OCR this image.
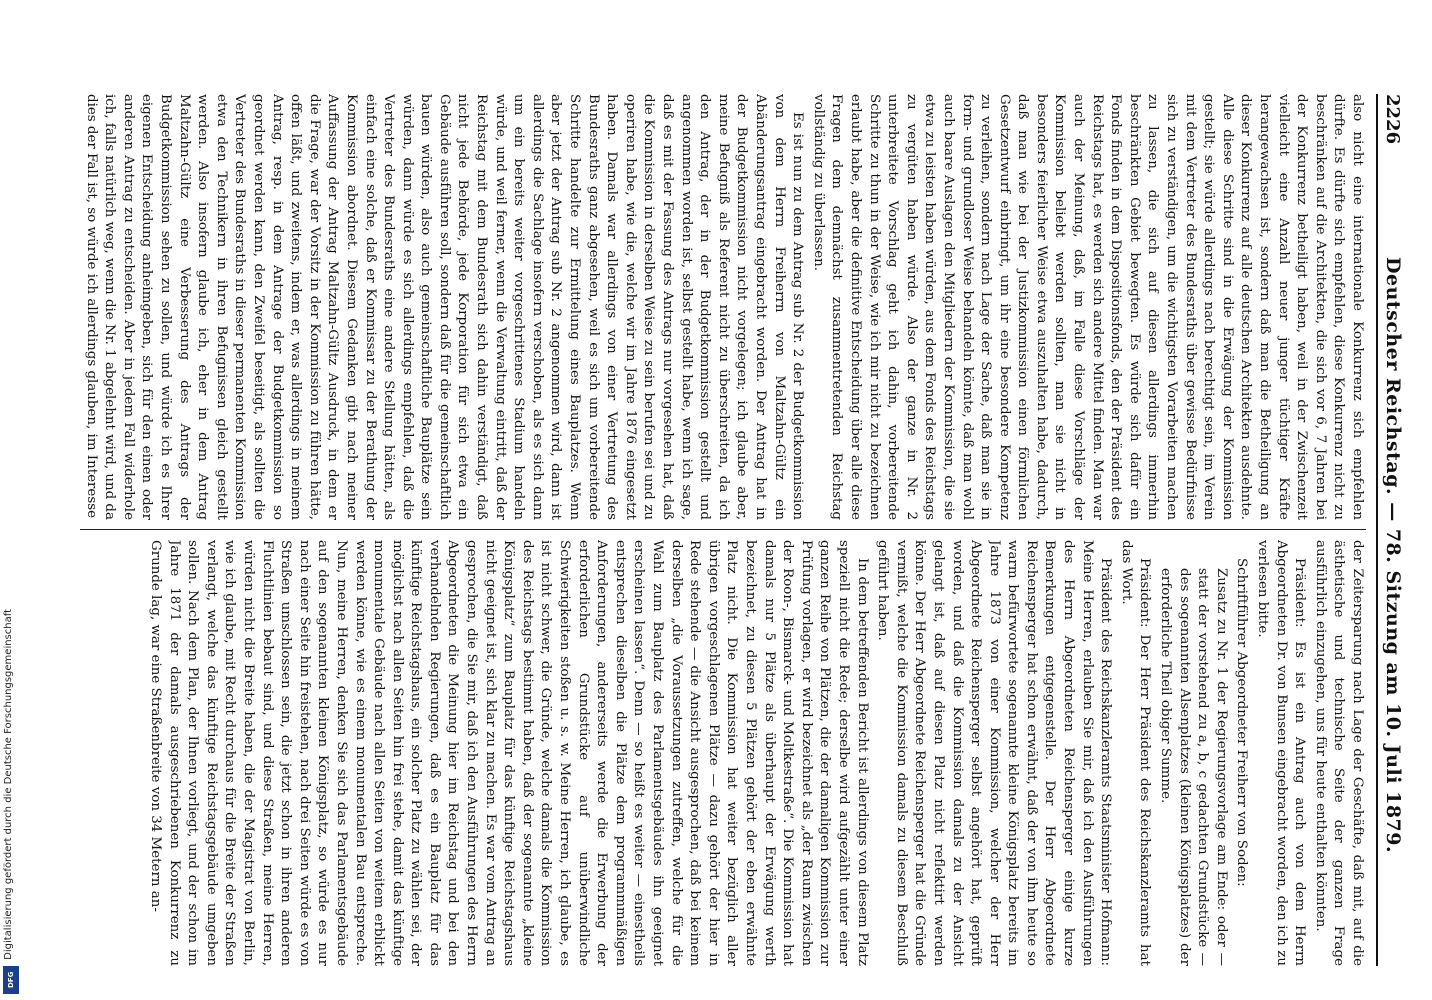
Digitalisierung gefördert durch die Deutsche Forschungsgemeinschaft
DFG
2226
Deutscher Reichstag. — 78. Sitzung am 10. Juli 1879.

also nicht eine internationale Konkurrenz sich empfehlen dürfte. Es dürfte sich empfehlen, diese Konkurrenz nicht zu beschränken auf die Architekten, die sich vor 6, 7 Jahren bei der Konkurrenz betheiligt haben, weil in der Zwischenzeit vielleicht eine Anzahl neuer junger tüchtiger Kräfte herangewachsen ist, sondern daß man die Betheiligung an dieser Konkurrenz auf alle deutschen Architekten ausdehnte. Alle diese Schritte sind in die Erwägung der Kommission gestellt; sie würde allerdings nach berechtigt sein, im Verein mit dem Vertreter des Bundesraths über gewisse Bedürfnisse sich zu verständigen, um die wichtigsten Vorarbeiten machen zu lassen, die sich auf diesen allerdings immerhin beschränkten Gebiet bewegten. Es würde sich dafür ein Fonds finden in dem Dispositionsfonds, den der Präsident des Reichstags hat, es werden sich andere Mittel finden. Man war auch der Meinung, daß, im Falle diese Vorschläge der Kommission beliebt werden sollten, man sie nicht in besonders feierlicher Weise etwa auszuhalten habe, dadurch, daß man wie bei der Justizkommission einen förmlichen Gesetzentwurf einbringt, um ihr eine besondere Kompetenz zu verleihen, sondern nach Lage der Sache, daß man sie in form- und grundloser Weise behandeln könnte, daß man wohl auch baare Auslagen den Mitgliedern der Kommission, die sie etwa zu leisten haben würden, aus dem Fonds des Reichstags zu vergüten haben würde. Also der ganze in Nr. 2 unterbreitete Vorschlag geht ich dahin, vorbereitende Schritte zu thun in der Weise, wie ich mir nicht zu bezeichnen erlaubt habe, aber die definitive Entscheidung über alle diese Fragen dem demnächst zusammentretenden Reichstag vollständig zu überlassen.

Es ist nun zu dem Antrag sub Nr. 2 der Budgetkommission von dem Herrn Freiherrn von Maltzahn-Gültz ein Abänderungsantrag eingebracht worden. Der Antrag hat in der Budgetkommission nicht vorgelegen; ich glaube aber, meine Befugniß als Referent nicht zu überschreiten, da ich den Antrag, der in der Budgetkommission gestellt und angenommen worden ist, selbst gestellt habe, wenn ich sage, daß es mit der Fassung des Antrags nur vorgesehen hat, daß die Kommission in derselben Weise zu sein berufen sei und zu operiren habe, wie die, welche wir im Jahre 1876 eingesetzt haben. Damals war allerdings von einer Vertretung des Bundesraths ganz abgesehen, weil es sich um vorbereitende Schritte handelte zur Ermittelung eines Bauplatzes. Wenn aber jetzt der Antrag sub Nr. 2 angenommen wird, dann ist allerdings die Sachlage insofern verschoben, als es sich dann um ein bereits weiter vorgeschrittenes Stadium handeln würde, und weil ferner, wenn die Verwaltung eintritt, daß der Reichstag mit dem Bundesrath sich dahin verständigt, daß nicht jede Behörde, jede Korporation für sich etwa ein Gebäude ausführen soll, sondern daß für die gemeinschaftlich bauen würden, also auch gemeinschaftliche Bauplätze sein würden, dann würde es sich allerdings empfehlen, daß die Vertreter des Bundesraths eine andere Stellung hätten, als einfach eine solche, daß er Kommissar zu der Berathung der Kommission abordnet. Diesem Gedanken gibt nach meiner Auffassung der Antrag Maltzahn-Gültz Ausdruck, in dem er die Frage, war der Vorsitz in der Kommission zu führen hätte, offen läßt, und zweitens, indem er, was allerdings in meinem Antrag, resp. in dem Antrage der Budgetkommission so geordnet werden kann, den Zweifel beseitigt, als sollten die Vertreter des Bundesraths in dieser permanenten Kommission etwa den Technikern in ihren Befugnissen gleich gestellt werden. Also insofern glaube ich, eher in dem Antrag Maltzahn-Gültz eine Verbesserung des Antrags der Budgetkommission sehen zu sollen, und würde ich es Ihrer eigenen Entscheidung anheimgeben, sich für den einen oder anderen Antrag zu entscheiden. Aber in jedem Fall widerhole ich, falls natürlich weg, wenn die Nr. 1 abgelehnt wird, und da dies der Fall ist, so würde ich allerdings glauben, im Interesse

der Zeitersparung nach Lage der Geschäfte, daß mit, auf die ästhetische und technische Seite der ganzen Frage ausführlich einzugehen, uns für heute enthalten könnten.

Präsident: Es ist ein Antrag auch von dem Herrn Abgeordneten Dr. von Bunsen eingebracht worden, den ich zu verlesen bitte.

Schriftführer Abgeordneter Freiherr von Soden:

Zusatz zu Nr. 1 der Regierungsvorlage am Ende: oder — statt der vorstehend zu a, b, c gedachten Grundstücke — des sogenannten Alsenplatzes (kleinen Königsplatzes) der erforderliche Theil obiger Summe.

Präsident: Der Herr Präsident des Reichskanzleramts hat das Wort.

Präsident des Reichskanzleramts Staatsminister Hofmann: Meine Herren, erlauben Sie mir, daß ich den Ausführungen des Herrn Abgeordneten Reichensperger einige kurze Bemerkungen entgegenstelle. Der Herr Abgeordnete Reichensperger hat schon erwähnt, daß der von ihm heute so warm befürwortete sogenannte kleine Königsplatz bereits im Jahre 1873 von einer Kommission, welcher der Herr Abgeordnete Reichensperger selbst angehört hat, geprüft worden, und daß die Kommission damals zu der Ansicht gelangt ist, daß auf diesen Platz nicht reflektirt werden könne. Der Herr Abgeordnete Reichensperger hat die Gründe vermißt, welche die Kommission damals zu diesem Beschluß geführt haben.

In dem betreffenden Bericht ist allerdings von diesem Platz speziell nicht die Rede; derselbe wird aufgezählt unter einer ganzen Reihe von Plätzen, die der damaligen Kommission zur Prüfung vorlagen, er wird bezeichnet als „der Raum zwischen der Roon-, Bismarck- und Moltkestraße“. Die Kommission hat damals nur 5 Plätze als überhaupt der Erwägung werth bezeichnet, zu diesen 5 Plätzen gehört der eben erwähnte Platz nicht. Die Kommission hat weiter bezüglich aller übrigen vorgeschlagenen Plätze — dazu gehört der hier in Rede stehende — die Ansicht ausgesprochen, daß bei keinem derselben „die Voraussetzungen zutreffen, welche für die Wahl zum Bauplatz des Parlamentsgebäudes ihn geeignet erscheinen lassen“. Denn — so heißt es weiter — einestheils entsprechen dieselben die Plätze dem programmmäßigen Anforderungen, andererseits werde die Erwerbung der erforderlichen Grundstücke auf unüberwindliche Schwierigkeiten stoßen u. s. w. Meine Herren, ich glaube, es ist nicht schwer, die Gründe, welche damals die Kommission des Reichstags bestimmt haben, daß der sogenannte „kleine Königsplatz“ zum Bauplatz für das künftige Reichstagshaus nicht geeignet ist, sich klar zu machen. Es war vom Antrag an gesprochen, die Sie mir, daß ich den Ausführungen des Herrn Abgeordneten die Meinung hier im Reichstag und bei den verhandelnden Regierungen, daß es ein Bauplatz für das künftige Reichstagshaus, ein solcher Platz zu wählen sei, der möglichst nach allen Seiten hin frei stehe, damit das künftige monumentale Gebäude nach allen Seiten von weitem erblickt werden könne, wie es einem monumentalen Bau entspreche. Nun, meine Herren, denken Sie sich das Parlamentsgebäude auf den sogenannten kleinen Königsplatz, so würde es nur nach einer Seite hin freistehen, nach drei Seiten würde es von Straßen umschlossen sein, die jetzt schon in ihren anderen Fluchtlinien bebaut sind, und diese Straßen, meine Herren, würden nicht die Breite haben, die der Magistrat von Berlin, wie ich glaube, mit Recht durchaus für die Breite der Straßen verlangt, welche das künftige Reichstagsgebäude umgeben sollen. Nach dem Plan, der Ihnen vorliegt, und der schon im Jahre 1871 der damals ausgeschriebenen Konkurrenz zu Grunde lag, war eine Straßenbreite von 34 Metern an-
